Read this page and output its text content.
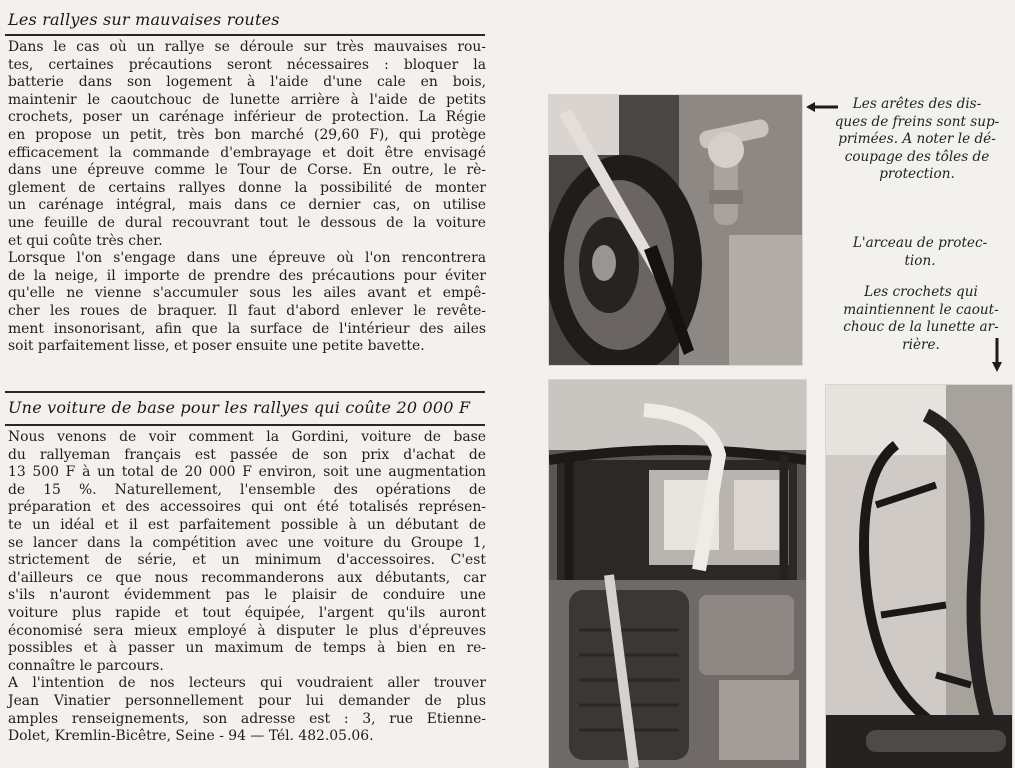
Les rallyes sur mauvaises routes
Dans le cas où un rallye se déroule sur très mauvaises rou-
tes, certaines précautions seront nécessaires : bloquer la
batterie dans son logement à l'aide d'une cale en bois,
maintenir le caoutchouc de lunette arrière à l'aide de petits
crochets, poser un carénage inférieur de protection. La Régie
en propose un petit, très bon marché (29,60 F), qui protège
efficacement la commande d'embrayage et doit être envisagé
dans une épreuve comme le Tour de Corse. En outre, le rè-
glement de certains rallyes donne la possibilité de monter
un carénage intégral, mais dans ce dernier cas, on utilise
une feuille de dural recouvrant tout le dessous de la voiture
et qui coûte très cher.
Lorsque l'on s'engage dans une épreuve où l'on rencontrera
de la neige, il importe de prendre des précautions pour éviter
qu'elle ne vienne s'accumuler sous les ailes avant et empê-
cher les roues de braquer. Il faut d'abord enlever le revête-
ment insonorisant, afin que la surface de l'intérieur des ailes
soit parfaitement lisse, et poser ensuite une petite bavette.
Une voiture de base pour les rallyes qui coûte 20 000 F
Nous venons de voir comment la Gordini, voiture de base
du rallyeman français est passée de son prix d'achat de
13 500 F à un total de 20 000 F environ, soit une augmentation
de 15 %. Naturellement, l'ensemble des opérations de
préparation et des accessoires qui ont été totalisés représen-
te un idéal et il est parfaitement possible à un débutant de
se lancer dans la compétition avec une voiture du Groupe 1,
strictement de série, et un minimum d'accessoires. C'est
d'ailleurs ce que nous recommanderons aux débutants, car
s'ils n'auront évidemment pas le plaisir de conduire une
voiture plus rapide et tout équipée, l'argent qu'ils auront
économisé sera mieux employé à disputer le plus d'épreuves
possibles et à passer un maximum de temps à bien en re-
connaître le parcours.
A l'intention de nos lecteurs qui voudraient aller trouver
Jean Vinatier personnellement pour lui demander de plus
amples renseignements, son adresse est : 3, rue Etienne-
Dolet, Kremlin-Bicêtre, Seine - 94 — Tél. 482.05.06.
Les arêtes des dis-
ques de freins sont sup-
primées. A noter le dé-
coupage des tôles de
protection.
L'arceau de protec-
tion.
Les crochets qui
maintiennent le caout-
chouc de la lunette ar-
rière.
